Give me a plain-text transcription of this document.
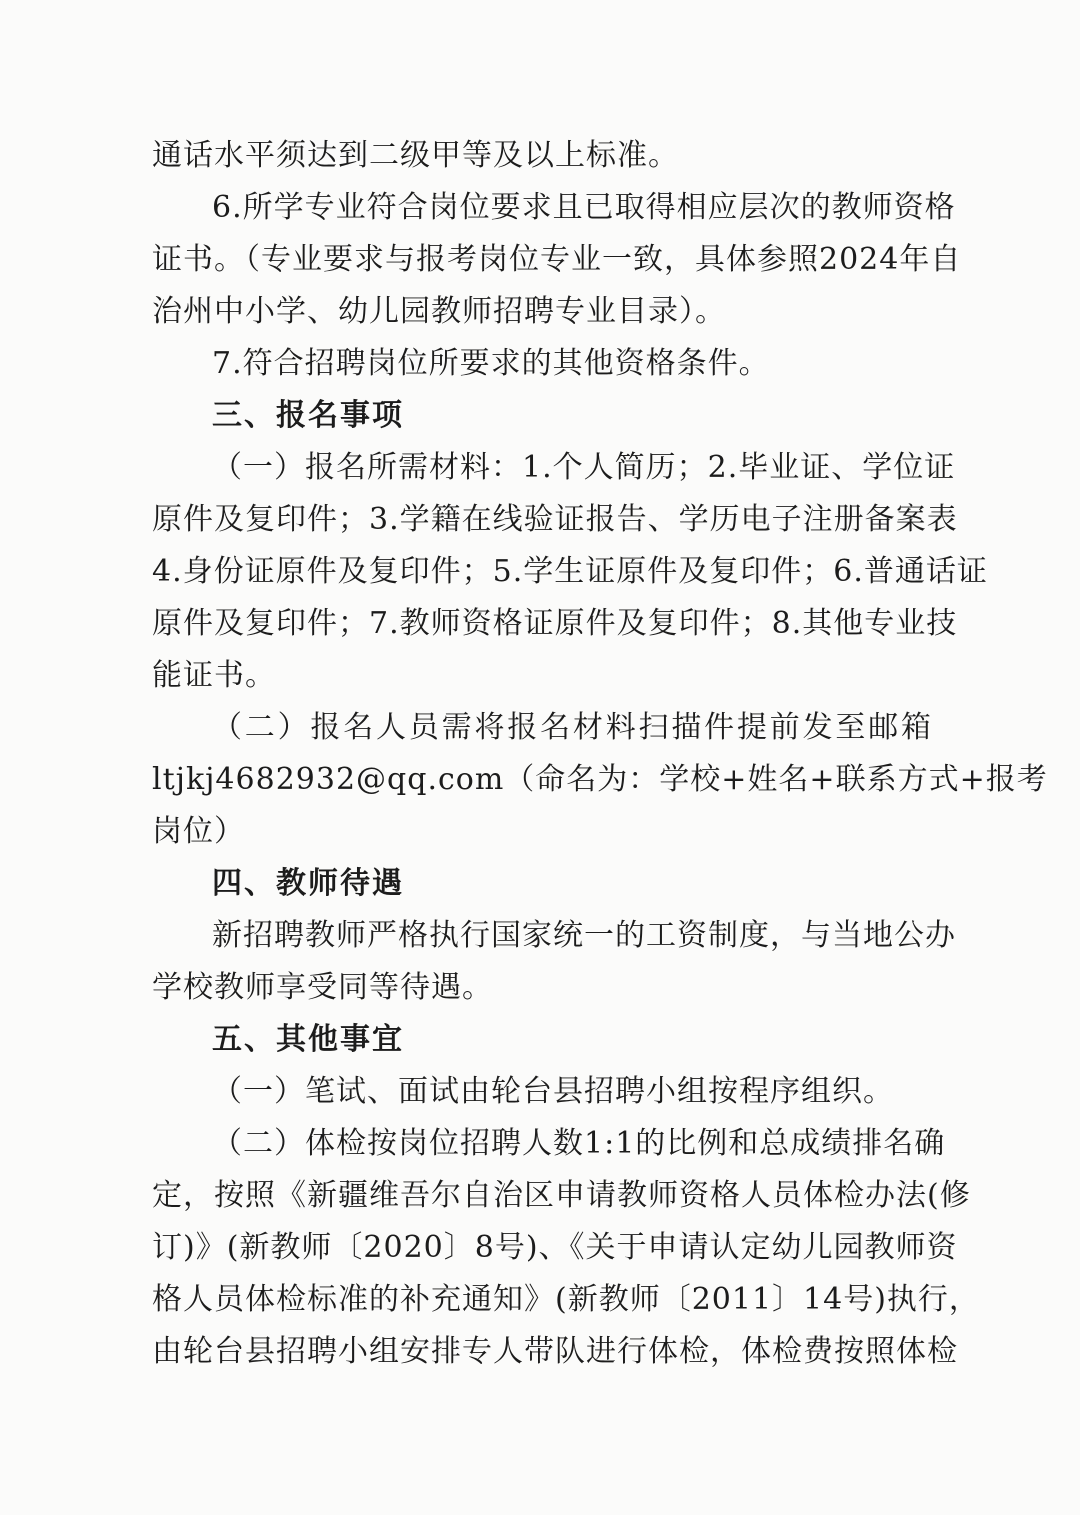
通话水平须达到二级甲等及以上标准。
6.所学专业符合岗位要求且已取得相应层次的教师资格
证书。（专业要求与报考岗位专业一致，具体参照2024年自
治州中小学、幼儿园教师招聘专业目录）。
7.符合招聘岗位所要求的其他资格条件。
三、报名事项
（一）报名所需材料：1.个人简历；2.毕业证、学位证
原件及复印件；3.学籍在线验证报告、学历电子注册备案表
4.身份证原件及复印件；5.学生证原件及复印件；6.普通话证
原件及复印件；7.教师资格证原件及复印件；8.其他专业技
能证书。
（二）报名人员需将报名材料扫描件提前发至邮箱
ltjkj4682932@qq.com（命名为：学校+姓名+联系方式+报考
岗位）
四、教师待遇
新招聘教师严格执行国家统一的工资制度，与当地公办
学校教师享受同等待遇。
五、其他事宜
（一）笔试、面试由轮台县招聘小组按程序组织。
（二）体检按岗位招聘人数1:1的比例和总成绩排名确
定，按照《新疆维吾尔自治区申请教师资格人员体检办法(修
订)》(新教师〔2020〕8号)、《关于申请认定幼儿园教师资
格人员体检标准的补充通知》(新教师〔2011〕14号)执行，
由轮台县招聘小组安排专人带队进行体检，体检费按照体检
